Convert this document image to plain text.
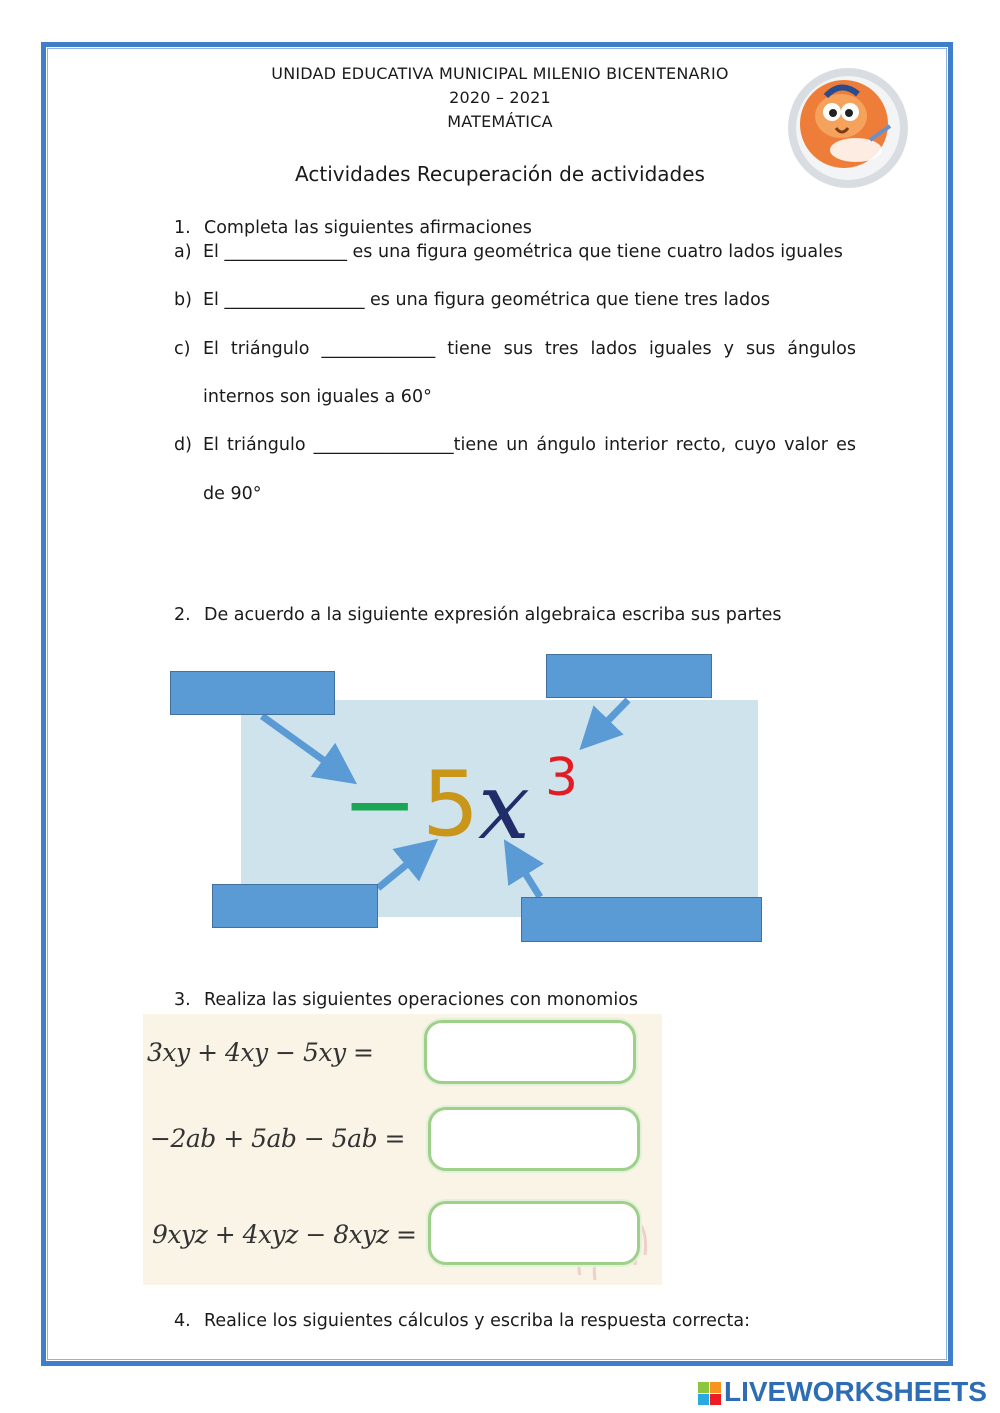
UNIDAD EDUCATIVA MUNICIPAL MILENIO BICENTENARIO
2020 – 2021
MATEMÁTICA
Actividades Recuperación de actividades
1. Completa las siguientes afirmaciones
a) El ______________ es una figura geométrica que tiene cuatro lados iguales
b) El ________________ es una figura geométrica que tiene tres lados
c) El triángulo _____________ tiene sus tres lados iguales y sus ángulos
internos son iguales a 60°
d) El triángulo ________________tiene un ángulo interior recto, cuyo valor es
de 90°
2. De acuerdo a la siguiente expresión algebraica escriba sus partes
− 5
x 3
3. Realiza las siguientes operaciones con monomios
3xy + 4xy − 5xy =
−2ab + 5ab − 5ab =
9xyz + 4xyz − 8xyz =
4. Realice los siguientes cálculos y escriba la respuesta correcta:
LIVEWORKSHEETS
